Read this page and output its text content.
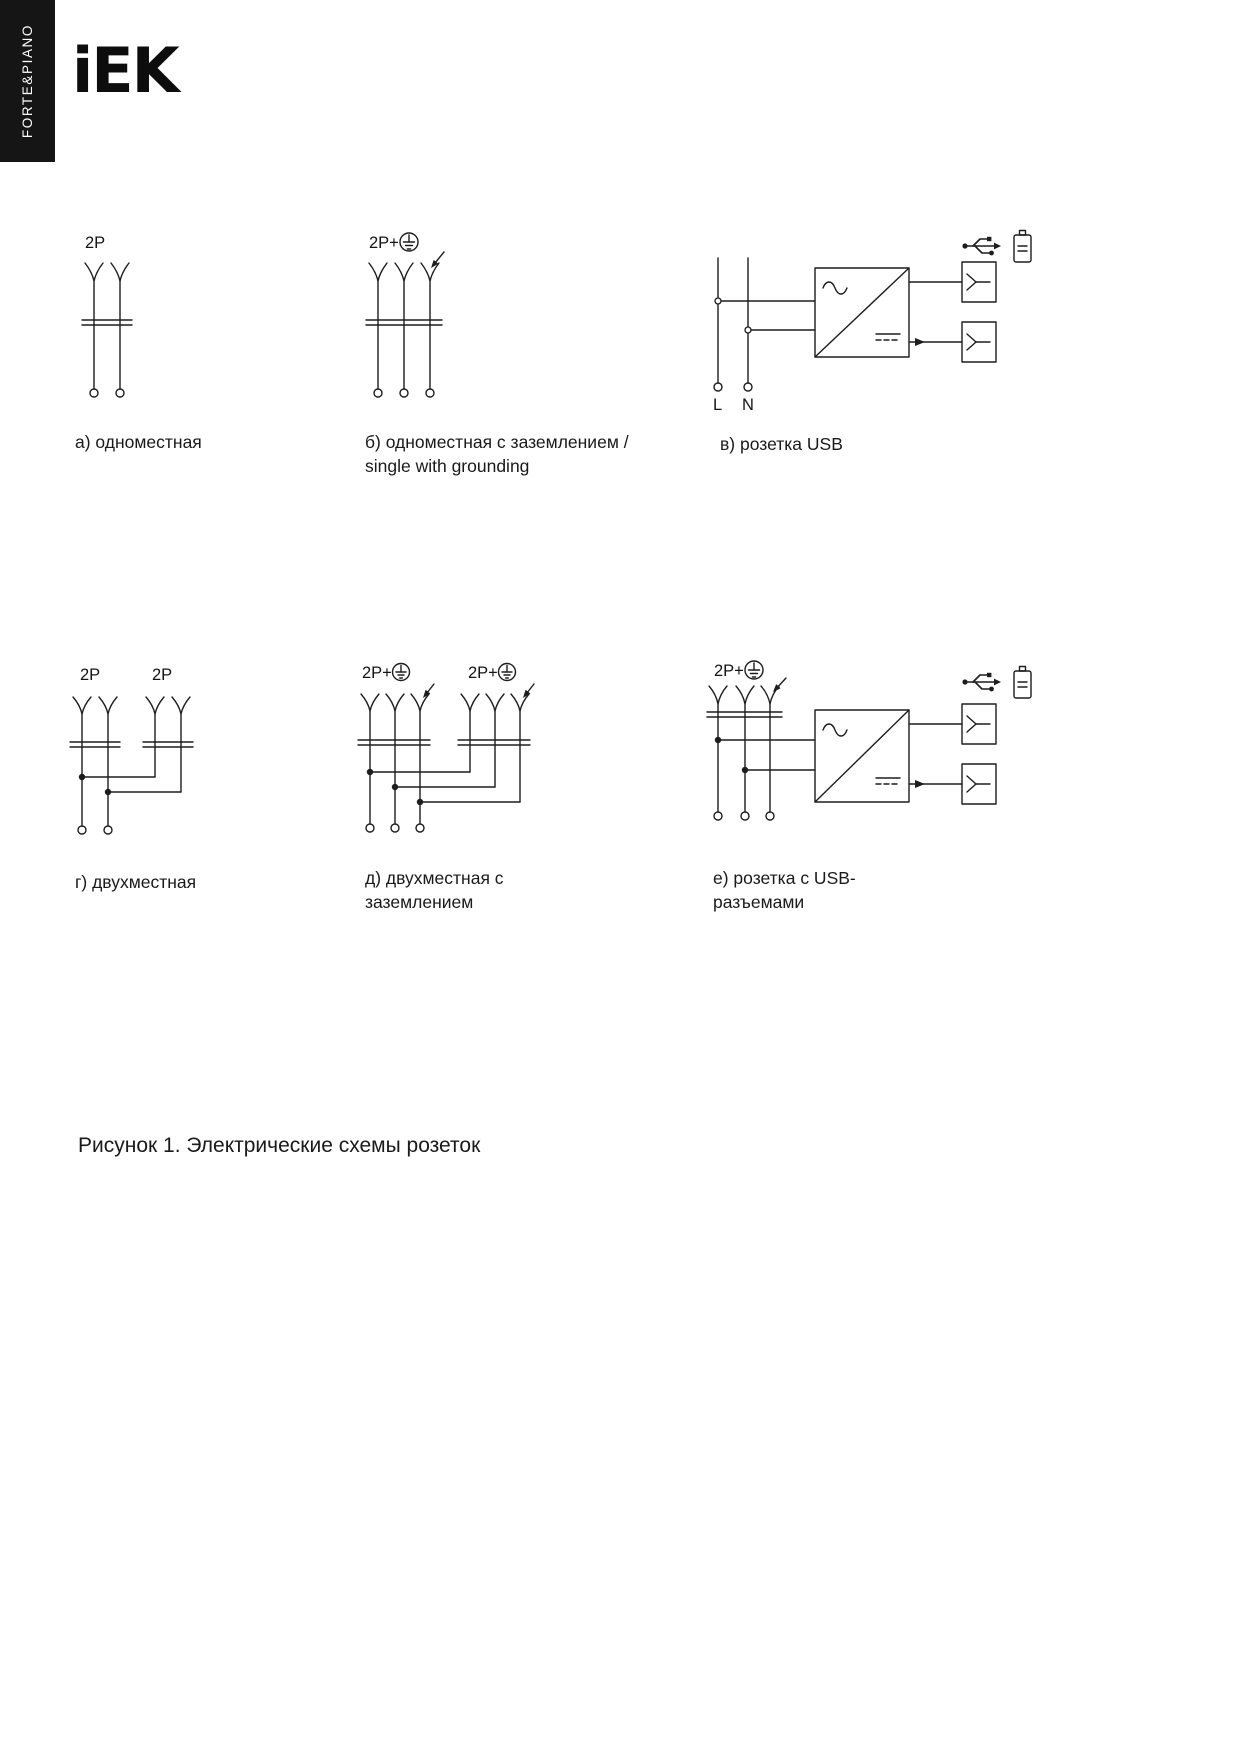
FORTE&PIANO iEK
2P
а) одноместная
2P+
б) одноместная с заземлением /
single with grounding
L N
в) розетка USB
2P	2P
г) двухместная
2P+	2P+
д) двухместная с
заземлением
2P+
е) розетка с USB-
разъемами
Рисунок 1. Электрические схемы розеток
